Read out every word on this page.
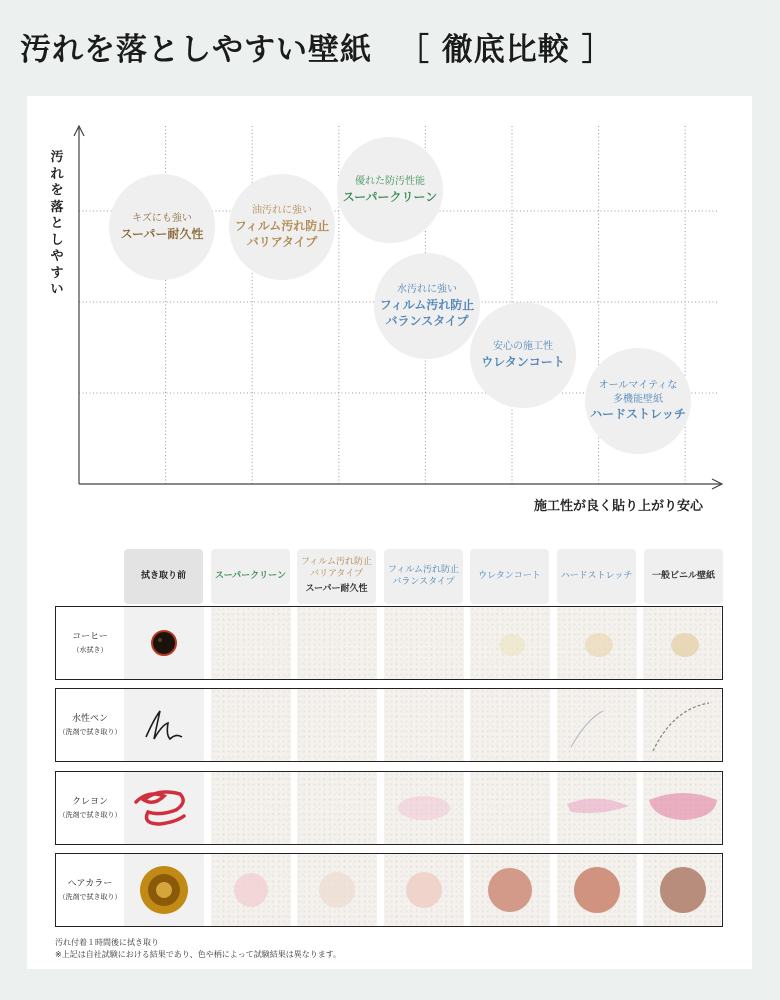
汚れを落としやすい壁紙 ［ 徹底比較 ］
汚れを落としやすい
施工性が良く貼り上がり安心
キズにも強い
スーパー耐久性
油汚れに強い
フィルム汚れ防止
バリアタイプ
優れた防汚性能
スーパークリーン
水汚れに強い
フィルム汚れ防止
バランスタイプ
安心の施工性
ウレタンコート
オールマイティな
多機能壁紙
ハードストレッチ
拭き取り前	スーパークリーン
フィルム汚れ防止
バリアタイプ
スーパー耐久性
フィルム汚れ防止
バランスタイプ
ウレタンコート ハードストレッチ 一般ビニル壁紙
コーヒー
（水拭き）
水性ペン
（洗剤で拭き取り）
クレヨン
（洗剤で拭き取り）
ヘアカラー
（洗剤で拭き取り）
汚れ付着１時間後に拭き取り
※上記は自社試験における結果であり、色や柄によって試験結果は異なります。
